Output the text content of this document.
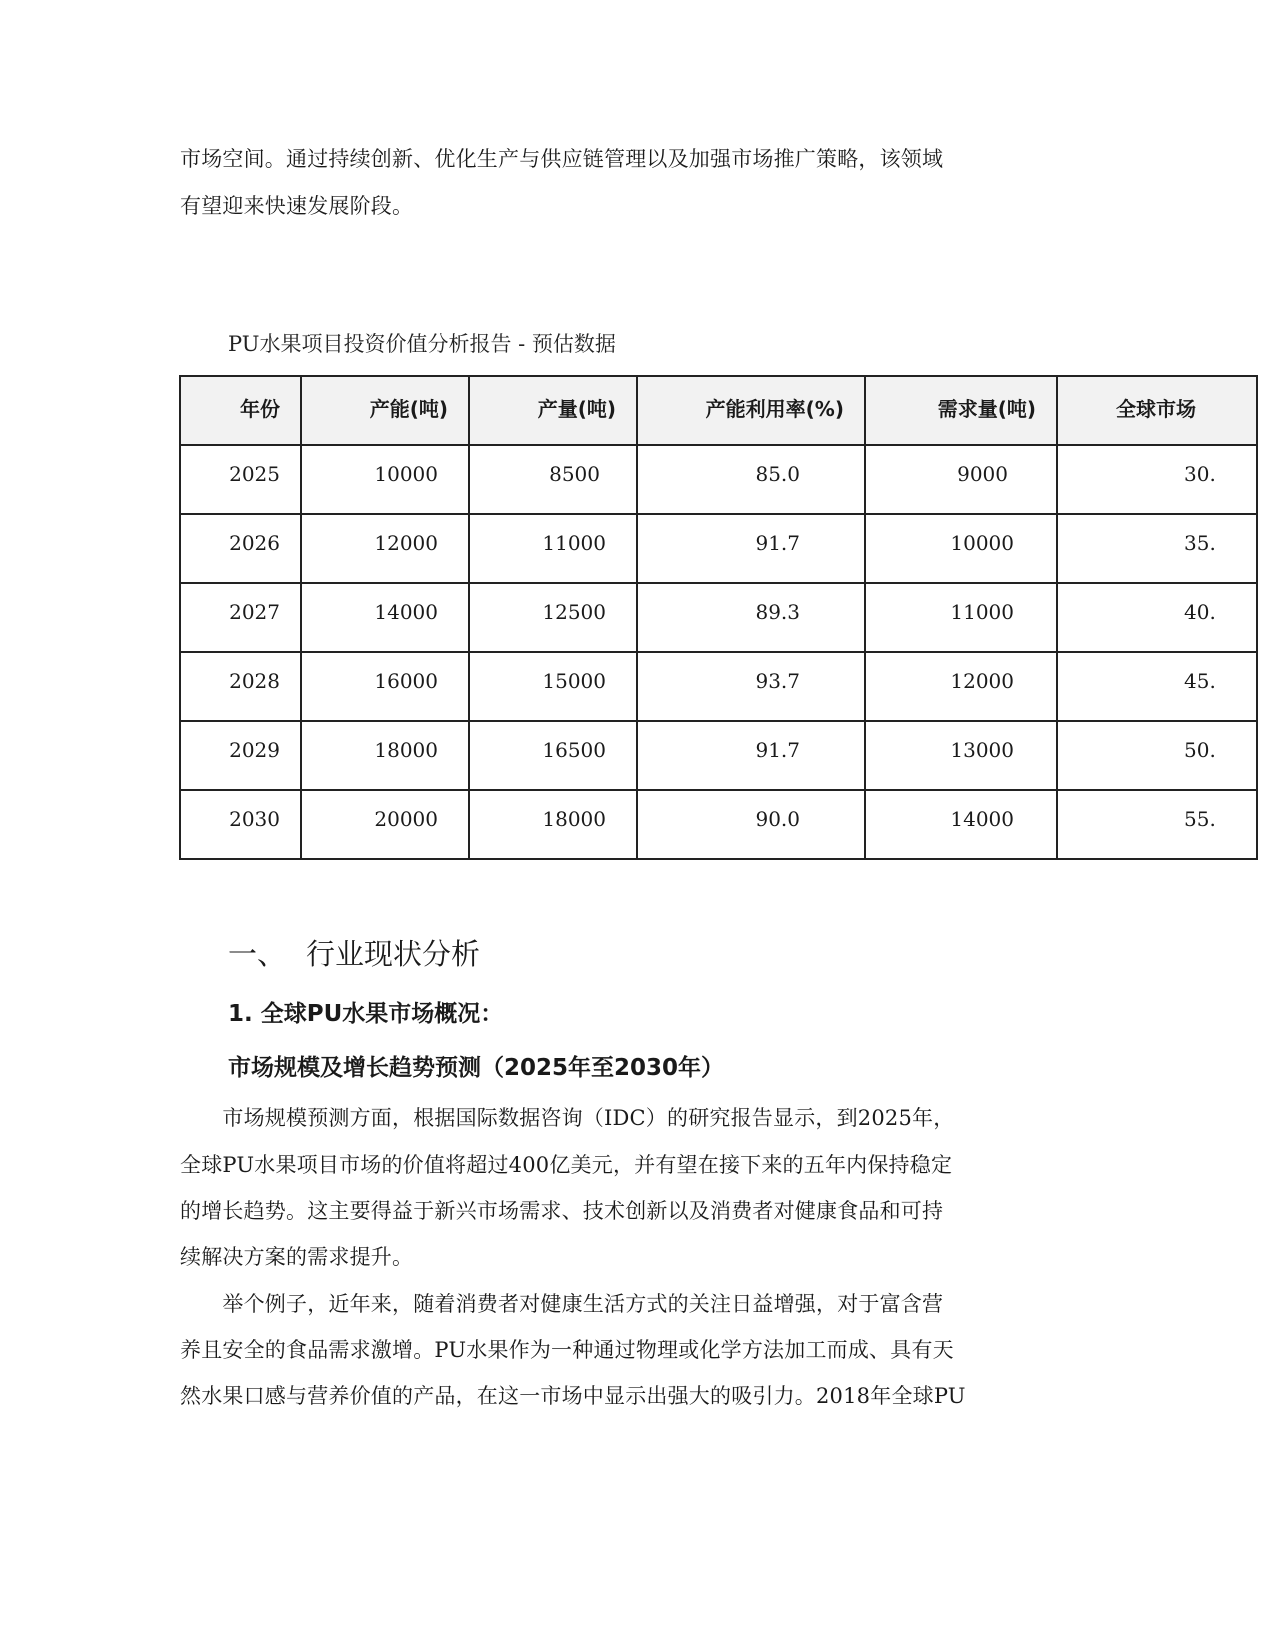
市场空间。通过持续创新、优化生产与供应链管理以及加强市场推广策略，该领域
有望迎来快速发展阶段。
PU水果项目投资价值分析报告 - 预估数据
年份	产能(吨)	产量(吨)	产能利用率(%)	需求量(吨)	全球市场
2025	10000	8500	85.0	9000	30.
2026	12000	11000	91.7	10000	35.
2027	14000	12500	89.3	11000	40.
2028	16000	15000	93.7	12000	45.
2029	18000	16500	91.7	13000	50.
2030	20000	18000	90.0	14000	55.
一、 行业现状分析
1. 全球PU水果市场概况：
市场规模及增长趋势预测（2025年至2030年）
　　市场规模预测方面，根据国际数据咨询（IDC）的研究报告显示，到2025年，
全球PU水果项目市场的价值将超过400亿美元，并有望在接下来的五年内保持稳定
的增长趋势。这主要得益于新兴市场需求、技术创新以及消费者对健康食品和可持
续解决方案的需求提升。
　　举个例子，近年来，随着消费者对健康生活方式的关注日益增强，对于富含营
养且安全的食品需求激增。PU水果作为一种通过物理或化学方法加工而成、具有天
然水果口感与营养价值的产品，在这一市场中显示出强大的吸引力。2018年全球PU
